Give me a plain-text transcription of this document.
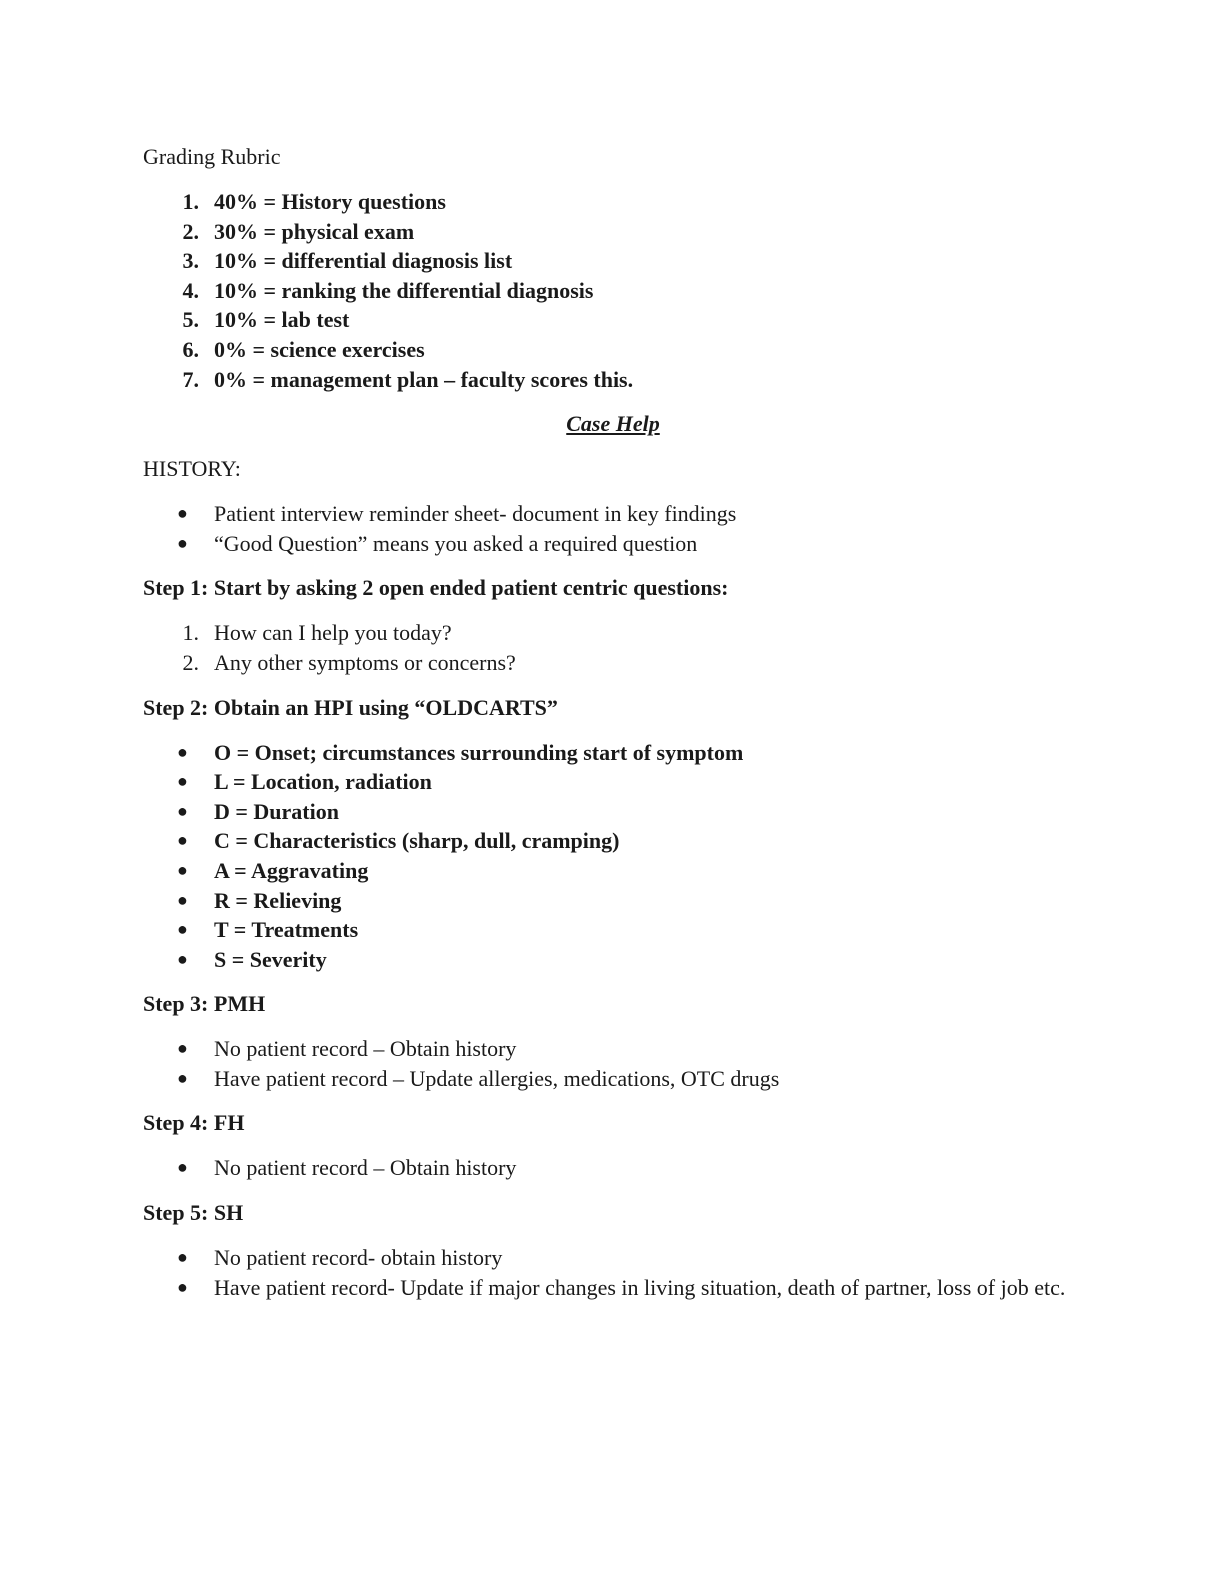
Grading Rubric

1. 40% = History questions
2. 30% = physical exam
3. 10% = differential diagnosis list
4. 10% = ranking the differential diagnosis
5. 10% = lab test
6. 0% = science exercises
7. 0% = management plan – faculty scores this.

Case Help

HISTORY:

● Patient interview reminder sheet- document in key findings
● “Good Question” means you asked a required question

Step 1: Start by asking 2 open ended patient centric questions:

1. How can I help you today?
2. Any other symptoms or concerns?

Step 2: Obtain an HPI using “OLDCARTS”

● O = Onset; circumstances surrounding start of symptom
● L = Location, radiation
● D = Duration
● C = Characteristics (sharp, dull, cramping)
● A = Aggravating
● R = Relieving
● T = Treatments
● S = Severity

Step 3: PMH

● No patient record – Obtain history
● Have patient record – Update allergies, medications, OTC drugs

Step 4: FH

● No patient record – Obtain history

Step 5: SH

● No patient record- obtain history
● Have patient record- Update if major changes in living situation, death of partner, loss of job etc.
